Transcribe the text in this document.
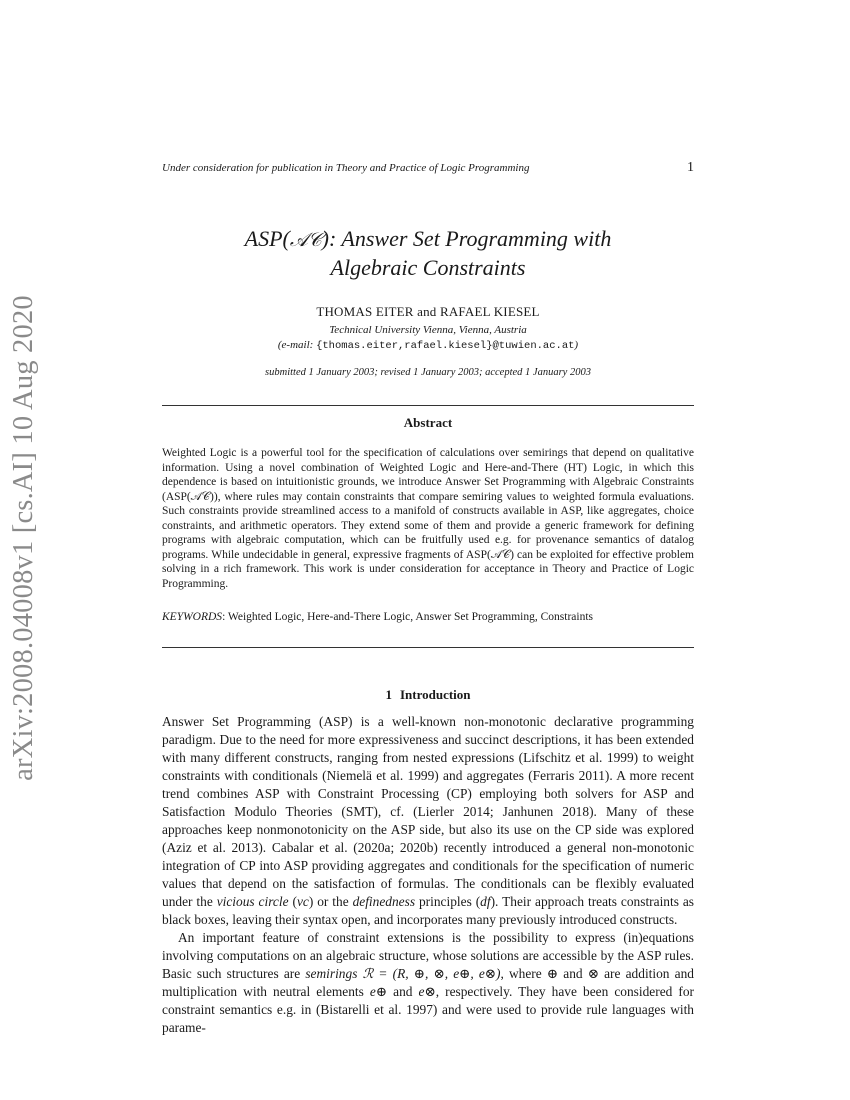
arXiv:2008.04008v1 [cs.AI] 10 Aug 2020
Under consideration for publication in Theory and Practice of Logic Programming	1
ASP(𝒜𝒞): Answer Set Programming with
Algebraic Constraints
THOMAS EITER and RAFAEL KIESEL
Technical University Vienna, Vienna, Austria
(e-mail: {thomas.eiter,rafael.kiesel}@tuwien.ac.at)
submitted 1 January 2003; revised 1 January 2003; accepted 1 January 2003
Abstract
Weighted Logic is a powerful tool for the specification of calculations over semirings that depend on qualitative information. Using a novel combination of Weighted Logic and Here-and-There (HT) Logic, in which this dependence is based on intuitionistic grounds, we introduce Answer Set Programming with Algebraic Constraints (ASP(𝒜𝒞)), where rules may contain constraints that compare semiring values to weighted formula evaluations. Such constraints provide streamlined access to a manifold of constructs available in ASP, like aggregates, choice constraints, and arithmetic operators. They extend some of them and provide a generic framework for defining programs with algebraic computation, which can be fruitfully used e.g. for provenance semantics of datalog programs. While undecidable in general, expressive fragments of ASP(𝒜𝒞) can be exploited for effective problem solving in a rich framework. This work is under consideration for acceptance in Theory and Practice of Logic Programming.
KEYWORDS: Weighted Logic, Here-and-There Logic, Answer Set Programming, Constraints
1 Introduction

Answer Set Programming (ASP) is a well-known non-monotonic declarative programming paradigm. Due to the need for more expressiveness and succinct descriptions, it has been extended with many different constructs, ranging from nested expressions (Lifschitz et al. 1999) to weight constraints with conditionals (Niemelä et al. 1999) and aggregates (Ferraris 2011). A more recent trend combines ASP with Constraint Processing (CP) employing both solvers for ASP and Satisfaction Modulo Theories (SMT), cf. (Lierler 2014; Janhunen 2018). Many of these approaches keep nonmonotonicity on the ASP side, but also its use on the CP side was explored (Aziz et al. 2013). Cabalar et al. (2020a; 2020b) recently introduced a general non-monotonic integration of CP into ASP providing aggregates and conditionals for the specification of numeric values that depend on the satisfaction of formulas. The conditionals can be flexibly evaluated under the vicious circle (vc) or the definedness principles (df). Their approach treats constraints as black boxes, leaving their syntax open, and incorporates many previously introduced constructs.

An important feature of constraint extensions is the possibility to express (in)equations involving computations on an algebraic structure, whose solutions are accessible by the ASP rules. Basic such structures are semirings ℛ = (R, ⊕, ⊗, e⊕, e⊗), where ⊕ and ⊗ are addition and multiplication with neutral elements e⊕ and e⊗, respectively. They have been considered for constraint semantics e.g. in (Bistarelli et al. 1997) and were used to provide rule languages with parame-
